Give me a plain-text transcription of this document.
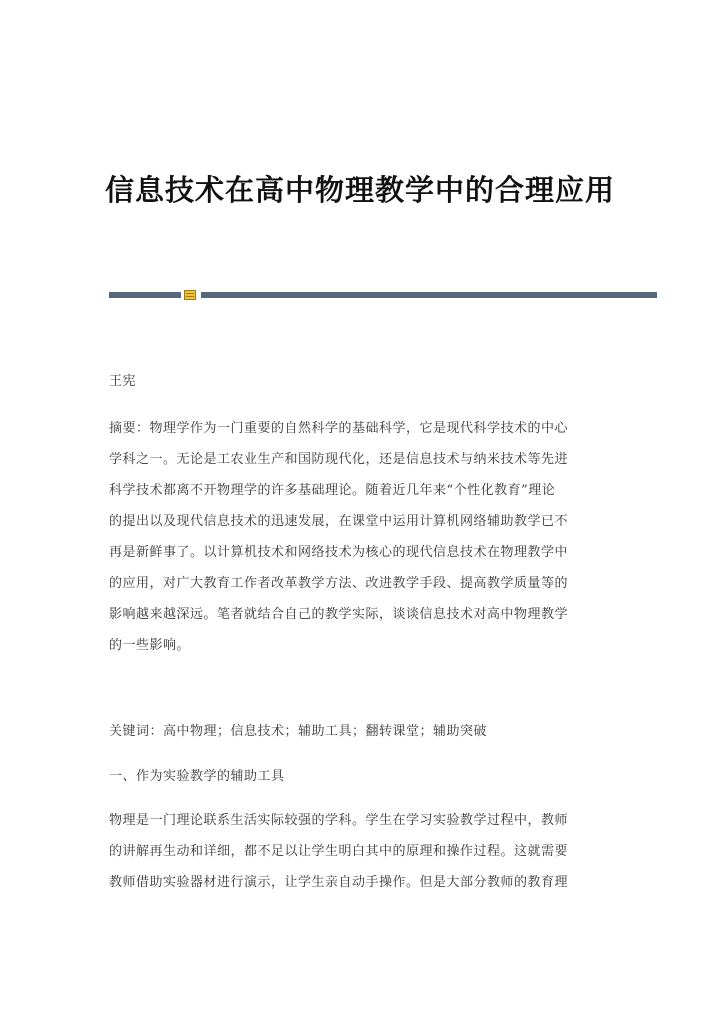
信息技术在高中物理教学中的合理应用
王宪
摘要：物理学作为一门重要的自然科学的基础科学，它是现代科学技术的中心
学科之一。无论是工农业生产和国防现代化，还是信息技术与纳米技术等先进
科学技术都离不开物理学的许多基础理论。随着近几年来“个性化教育”理论
的提出以及现代信息技术的迅速发展，在课堂中运用计算机网络辅助教学已不
再是新鲜事了。以计算机技术和网络技术为核心的现代信息技术在物理教学中
的应用，对广大教育工作者改革教学方法、改进教学手段、提高教学质量等的
影响越来越深远。笔者就结合自己的教学实际，谈谈信息技术对高中物理教学
的一些影响。
关键词：高中物理；信息技术；辅助工具；翻转课堂；辅助突破
一、作为实验教学的辅助工具
物理是一门理论联系生活实际较强的学科。学生在学习实验教学过程中，教师
的讲解再生动和详细，都不足以让学生明白其中的原理和操作过程。这就需要
教师借助实验器材进行演示，让学生亲自动手操作。但是大部分教师的教育理
